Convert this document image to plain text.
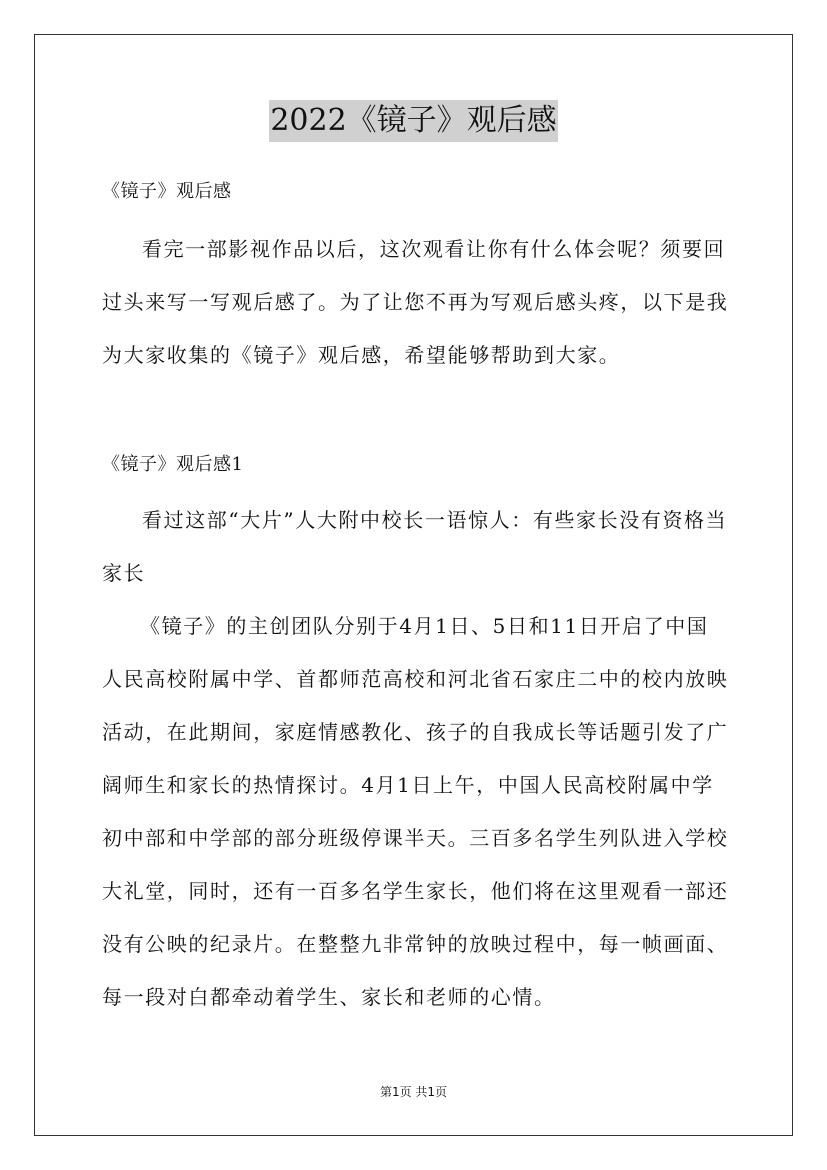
2022《镜子》观后感

《镜子》观后感

看完一部影视作品以后，这次观看让你有什么体会呢？须要回过头来写一写观后感了。为了让您不再为写观后感头疼，以下是我为大家收集的《镜子》观后感，希望能够帮助到大家。

《镜子》观后感1

看过这部“大片”人大附中校长一语惊人：有些家长没有资格当家长

《镜子》的主创团队分别于4月1日、5日和11日开启了中国人民高校附属中学、首都师范高校和河北省石家庄二中的校内放映活动，在此期间，家庭情感教化、孩子的自我成长等话题引发了广阔师生和家长的热情探讨。4月1日上午，中国人民高校附属中学初中部和中学部的部分班级停课半天。三百多名学生列队进入学校大礼堂，同时，还有一百多名学生家长，他们将在这里观看一部还没有公映的纪录片。在整整九非常钟的放映过程中，每一帧画面、每一段对白都牵动着学生、家长和老师的心情。

第1页 共1页
